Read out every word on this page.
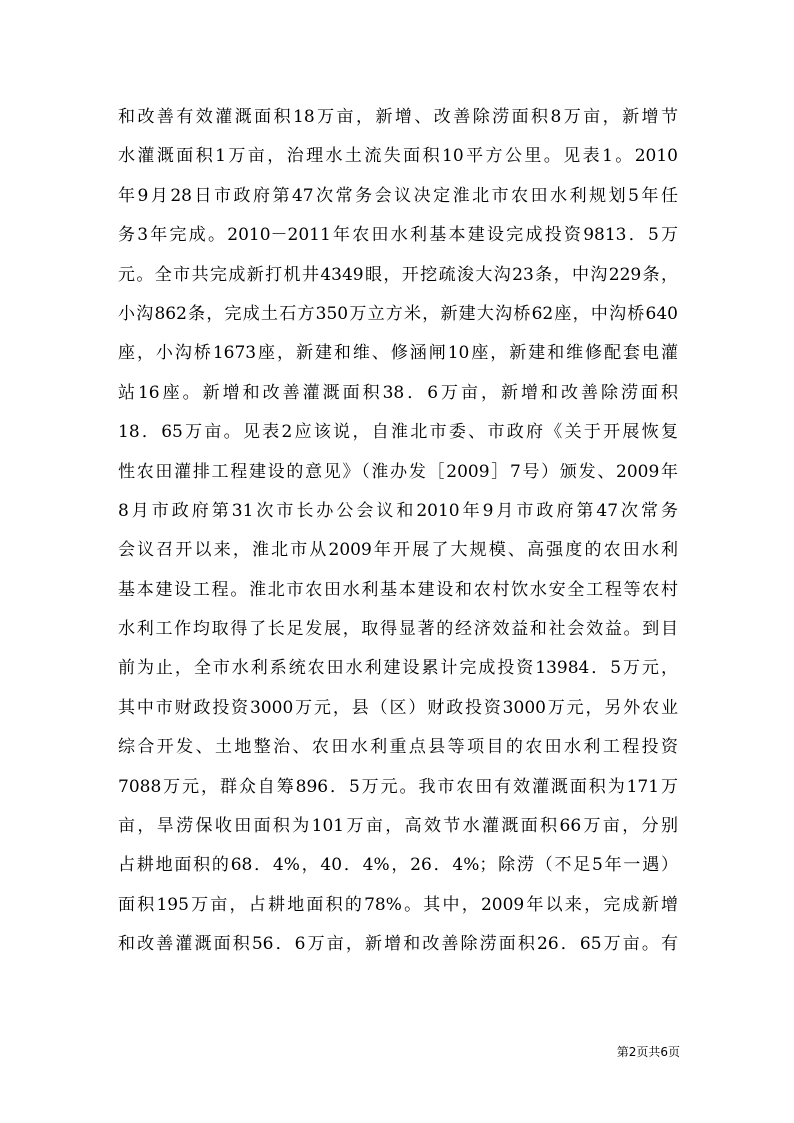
和改善有效灌溉面积18万亩，新增、改善除涝面积8万亩，新增节
水灌溉面积1万亩，治理水土流失面积10平方公里。见表1。2010
年9月28日市政府第47次常务会议决定淮北市农田水利规划5年任
务3年完成。2010－2011年农田水利基本建设完成投资9813．5万
元。全市共完成新打机井4349眼，开挖疏浚大沟23条，中沟229条，
小沟862条，完成土石方350万立方米，新建大沟桥62座，中沟桥640
座，小沟桥1673座，新建和维、修涵闸10座，新建和维修配套电灌
站16座。新增和改善灌溉面积38．6万亩，新增和改善除涝面积
18．65万亩。见表2应该说，自淮北市委、市政府《关于开展恢复
性农田灌排工程建设的意见》（淮办发［2009］7号）颁发、2009年
8月市政府第31次市长办公会议和2010年9月市政府第47次常务
会议召开以来，淮北市从2009年开展了大规模、高强度的农田水利
基本建设工程。淮北市农田水利基本建设和农村饮水安全工程等农村
水利工作均取得了长足发展，取得显著的经济效益和社会效益。到目
前为止，全市水利系统农田水利建设累计完成投资13984．5万元，
其中市财政投资3000万元，县（区）财政投资3000万元，另外农业
综合开发、土地整治、农田水利重点县等项目的农田水利工程投资
7088万元，群众自筹896．5万元。我市农田有效灌溉面积为171万
亩，旱涝保收田面积为101万亩，高效节水灌溉面积66万亩，分别
占耕地面积的68．4%，40．4%，26．4%；除涝（不足5年一遇）
面积195万亩，占耕地面积的78%。其中，2009年以来，完成新增
和改善灌溉面积56．6万亩，新增和改善除涝面积26．65万亩。有
第2页共6页
